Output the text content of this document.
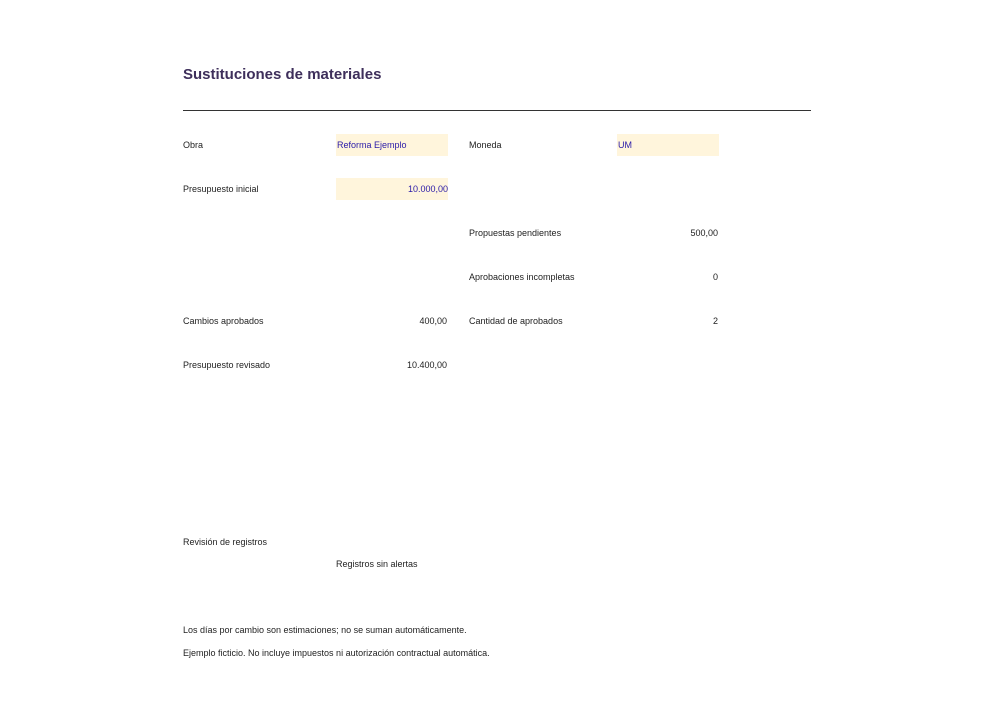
Sustituciones de materiales
Obra	Reforma Ejemplo	Moneda	UM
Presupuesto inicial	10.000,00
Propuestas pendientes	500,00
Aprobaciones incompletas	0
Cambios aprobados	400,00 Cantidad de aprobados	2
Presupuesto revisado	10.400,00
Revisión de registros
Registros sin alertas
Los días por cambio son estimaciones; no se suman automáticamente.
Ejemplo ficticio. No incluye impuestos ni autorización contractual automática.
